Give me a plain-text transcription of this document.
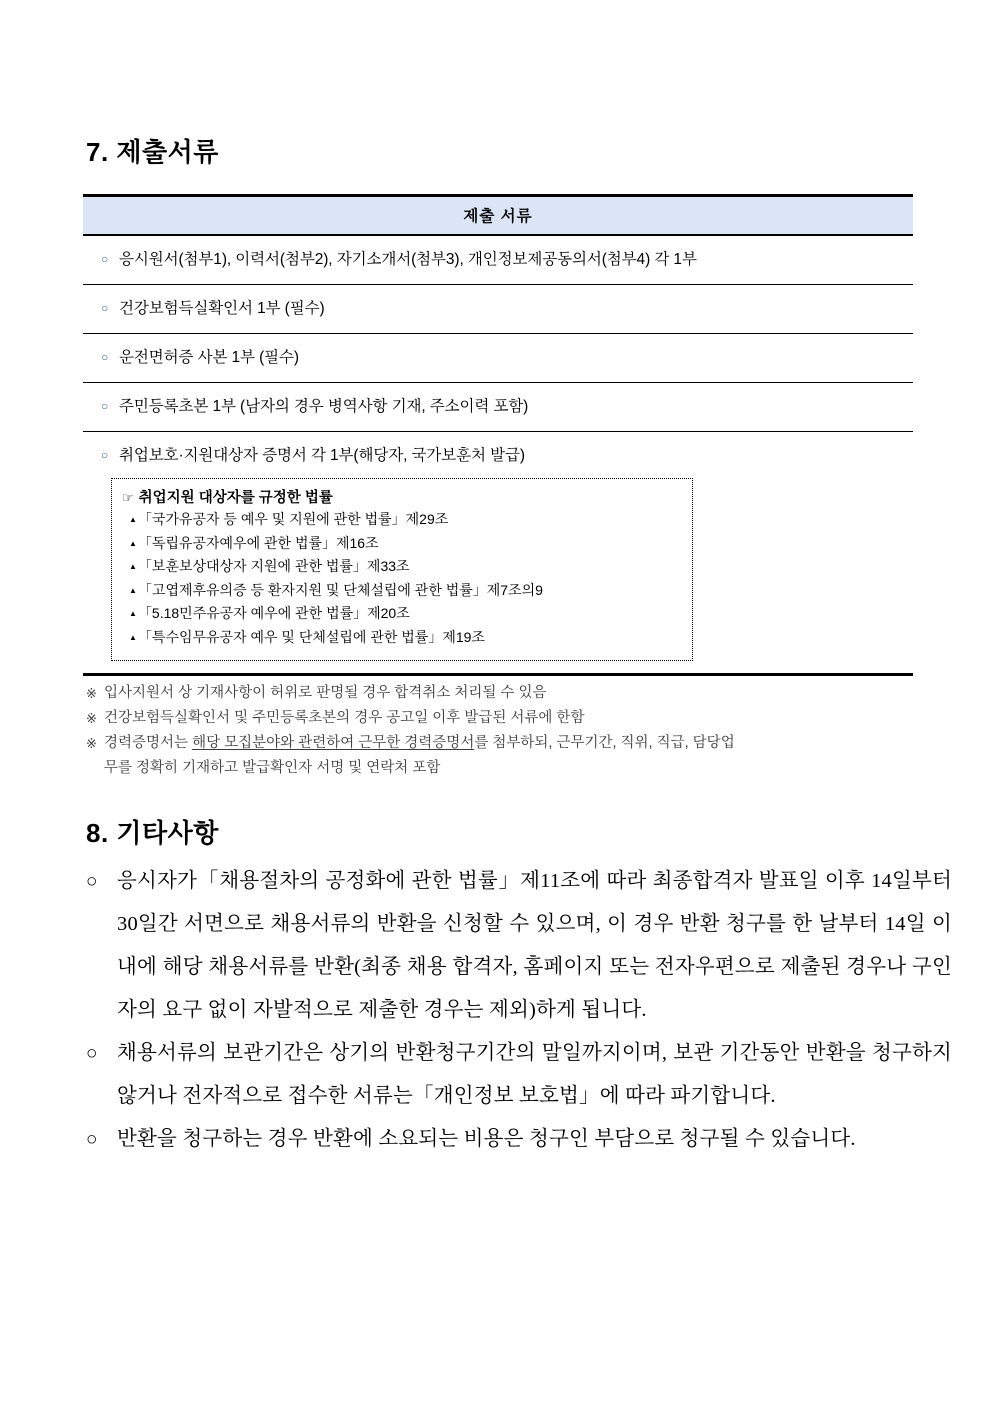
7. 제출서류
제출 서류

○ 응시원서(첨부1), 이력서(첨부2), 자기소개서(첨부3), 개인정보제공동의서(첨부4) 각 1부

○ 건강보험득실확인서 1부 (필수)

○ 운전면허증 사본 1부 (필수)

○ 주민등록초본 1부 (남자의 경우 병역사항 기재, 주소이력 포함)

○ 취업보호·지원대상자 증명서 각 1부(해당자, 국가보훈처 발급)
☞ 취업지원 대상자를 규정한 법률
▲ 「국가유공자 등 예우 및 지원에 관한 법률」제29조
▲ 「독립유공자예우에 관한 법률」제16조
▲ 「보훈보상대상자 지원에 관한 법률」제33조
▲ 「고엽제후유의증 등 환자지원 및 단체설립에 관한 법률」제7조의9
▲ 「5.18민주유공자 예우에 관한 법률」제20조
▲ 「특수임무유공자 예우 및 단체설립에 관한 법률」제19조
※ 입사지원서 상 기재사항이 허위로 판명될 경우 합격취소 처리될 수 있음
※ 건강보험득실확인서 및 주민등록초본의 경우 공고일 이후 발급된 서류에 한함
※ 경력증명서는 해당 모집분야와 관련하여 근무한 경력증명서를 첨부하되, 근무기간, 직위, 직급, 담당업
무를 정확히 기재하고 발급확인자 서명 및 연락처 포함
8. 기타사항
○ 응시자가「채용절차의 공정화에 관한 법률」제11조에 따라 최종합격자 발표일 이후 14일부터 30일간 서면으로 채용서류의 반환을 신청할 수 있으며, 이 경우 반환 청구를 한 날부터 14일 이내에 해당 채용서류를 반환(최종 채용 합격자, 홈페이지 또는 전자우편으로 제출된 경우나 구인자의 요구 없이 자발적으로 제출한 경우는 제외)하게 됩니다.
○ 채용서류의 보관기간은 상기의 반환청구기간의 말일까지이며, 보관 기간동안 반환을 청구하지 않거나 전자적으로 접수한 서류는「개인정보 보호법」에 따라 파기합니다.
○ 반환을 청구하는 경우 반환에 소요되는 비용은 청구인 부담으로 청구될 수 있습니다.
